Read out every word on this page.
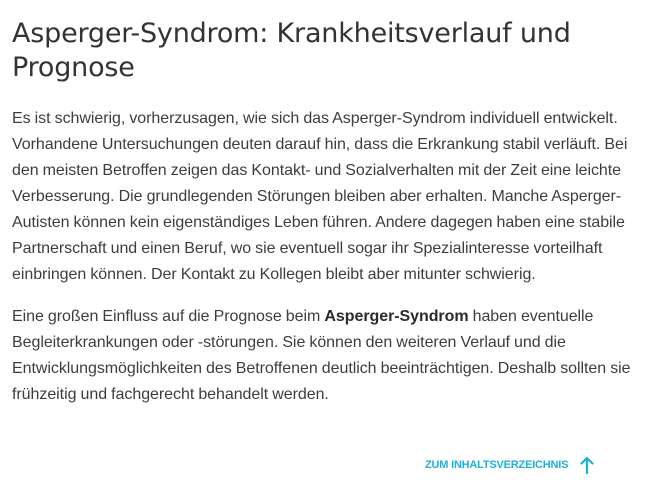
Asperger-Syndrom: Krankheitsverlauf und Prognose

Es ist schwierig, vorherzusagen, wie sich das Asperger-Syndrom individuell entwickelt. Vorhandene Untersuchungen deuten darauf hin, dass die Erkrankung stabil verläuft. Bei den meisten Betroffen zeigen das Kontakt- und Sozialverhalten mit der Zeit eine leichte Verbesserung. Die grundlegenden Störungen bleiben aber erhalten. Manche Asperger-Autisten können kein eigenständiges Leben führen. Andere dagegen haben eine stabile Partnerschaft und einen Beruf, wo sie eventuell sogar ihr Spezialinteresse vorteilhaft einbringen können. Der Kontakt zu Kollegen bleibt aber mitunter schwierig.

Eine großen Einfluss auf die Prognose beim Asperger-Syndrom haben eventuelle Begleiterkrankungen oder -störungen. Sie können den weiteren Verlauf und die Entwicklungsmöglichkeiten des Betroffenen deutlich beeinträchtigen. Deshalb sollten sie frühzeitig und fachgerecht behandelt werden.

ZUM INHALTSVERZEICHNIS
